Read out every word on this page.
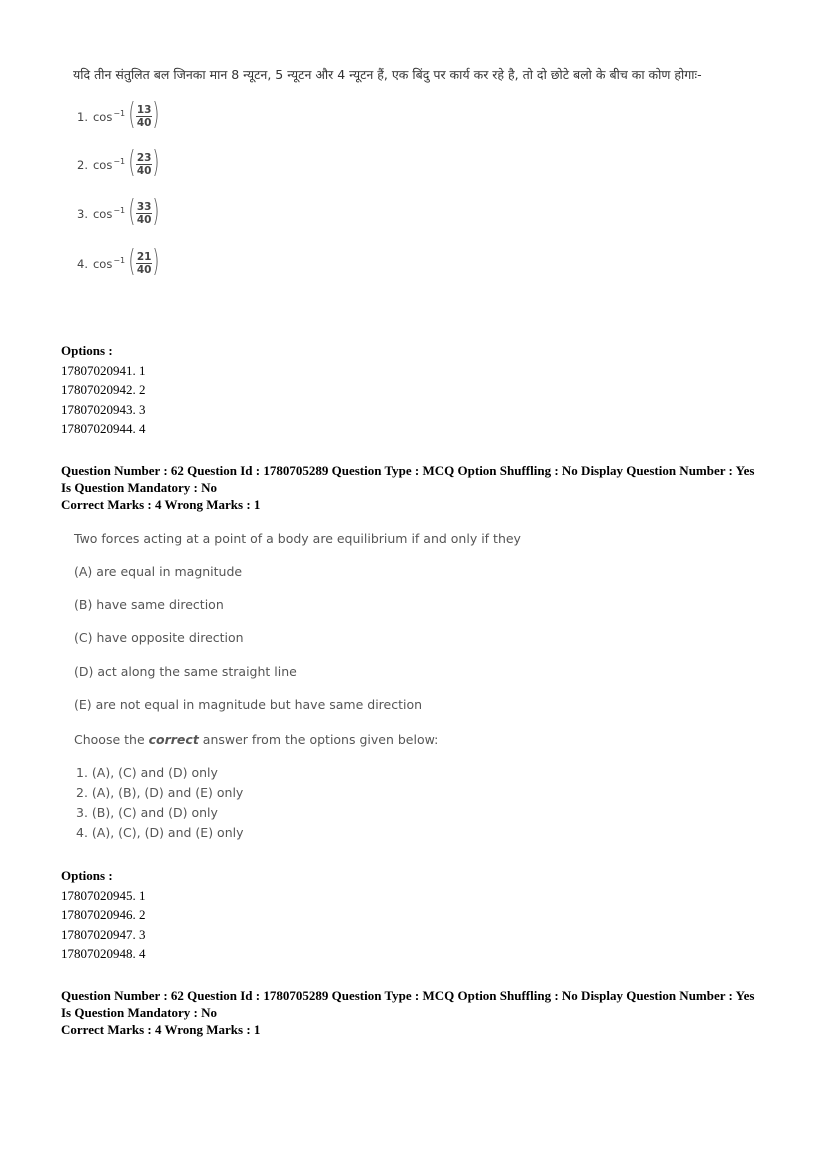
यदि तीन संतुलित बल जिनका मान 8 न्यूटन, 5 न्यूटन और 4 न्यूटन हैं, एक बिंदु पर कार्य कर रहे है, तो दो छोटे बलो के बीच का कोण होगाः-
1. $\cos^{-1}$ ( $\frac{13}{40}$ )
2. $\cos^{-1}$ ( $\frac{23}{40}$ )
3. $\cos^{-1}$ ( $\frac{33}{40}$ )
4. $\cos^{-1}$ ( $\frac{21}{40}$ )
Options :
17807020941. 1
17807020942. 2
17807020943. 3
17807020944. 4
Question Number : 62 Question Id : 1780705289 Question Type : MCQ Option Shuffling : No Display Question Number : Yes
Is Question Mandatory : No
Correct Marks : 4 Wrong Marks : 1
Two forces acting at a point of a body are equilibrium if and only if they
(A) are equal in magnitude
(B) have same direction
(C) have opposite direction
(D) act along the same straight line
(E) are not equal in magnitude but have same direction
Choose the correct answer from the options given below:
1. (A), (C) and (D) only
2. (A), (B), (D) and (E) only
3. (B), (C) and (D) only
4. (A), (C), (D) and (E) only
Options :
17807020945. 1
17807020946. 2
17807020947. 3
17807020948. 4
Question Number : 62 Question Id : 1780705289 Question Type : MCQ Option Shuffling : No Display Question Number : Yes
Is Question Mandatory : No
Correct Marks : 4 Wrong Marks : 1
